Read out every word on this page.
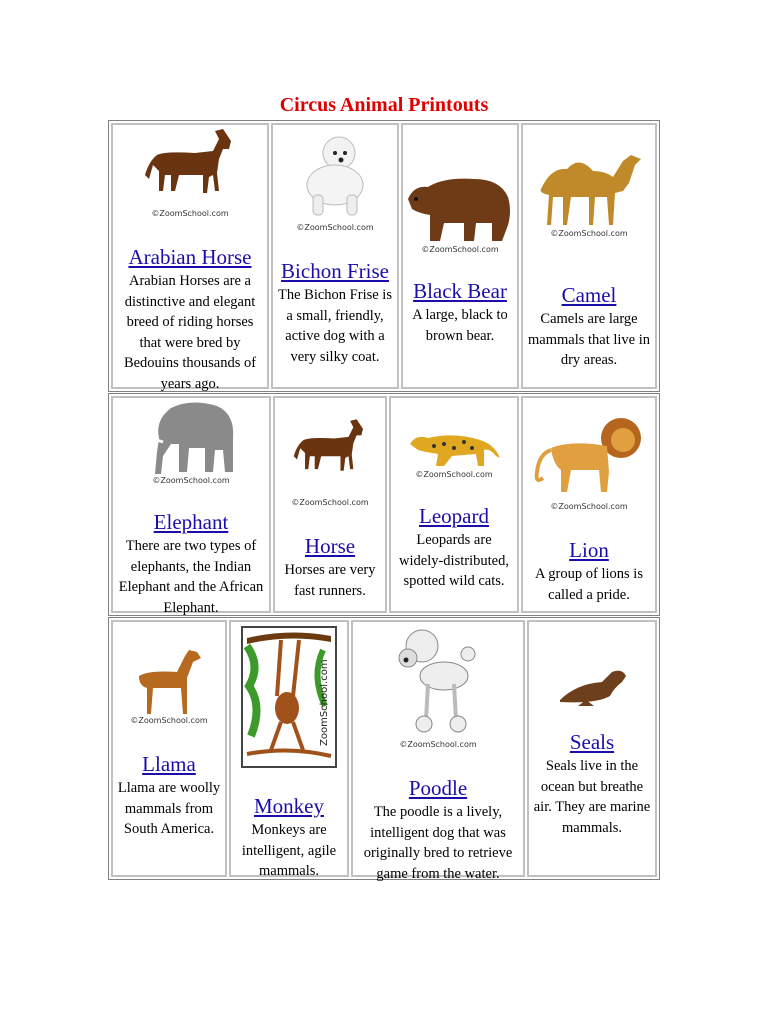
Circus Animal Printouts
©ZoomSchool.com
Arabian Horse
Arabian Horses are a distinctive and elegant breed of riding horses that were bred by Bedouins thousands of years ago.
©ZoomSchool.com
Bichon Frise
The Bichon Frise is a small, friendly, active dog with a very silky coat.
©ZoomSchool.com
Black Bear
A large, black to brown bear.
©ZoomSchool.com
Camel
Camels are large mammals that live in dry areas.
©ZoomSchool.com
Elephant
There are two types of elephants, the Indian Elephant and the African Elephant.
©ZoomSchool.com
Horse
Horses are very fast runners.
©ZoomSchool.com
Leopard
Leopards are widely-distributed, spotted wild cats.
©ZoomSchool.com
Lion
A group of lions is called a pride.
©ZoomSchool.com
Llama
Llama are woolly mammals from South America.
ZoomSchool.com
Monkey
Monkeys are intelligent, agile mammals.
©ZoomSchool.com
Poodle
The poodle is a lively, intelligent dog that was originally bred to retrieve game from the water.
Seals
Seals live in the ocean but breathe air. They are marine mammals.
